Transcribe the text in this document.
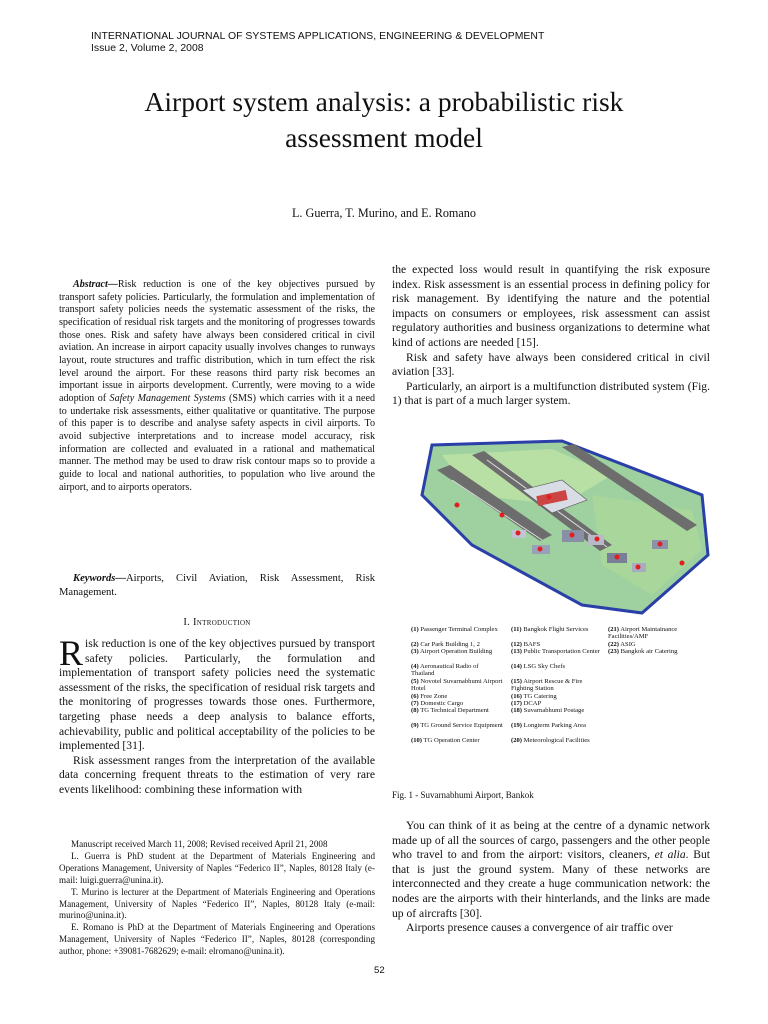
INTERNATIONAL JOURNAL OF SYSTEMS APPLICATIONS, ENGINEERING & DEVELOPMENT
Issue 2, Volume 2, 2008
Airport system analysis: a probabilistic risk
assessment model
L. Guerra, T. Murino, and E. Romano

Abstract—Risk reduction is one of the key objectives pursued by transport safety policies. Particularly, the formulation and implementation of transport safety policies needs the systematic assessment of the risks, the specification of residual risk targets and the monitoring of progresses towards those ones. Risk and safety have always been considered critical in civil aviation. An increase in airport capacity usually involves changes to runways layout, route structures and traffic distribution, which in turn effect the risk level around the airport. For these reasons third party risk becomes an important issue in airports development. Currently, were moving to a wide adoption of Safety Management Systems (SMS) which carries with it a need to undertake risk assessments, either qualitative or quantitative. The purpose of this paper is to describe and analyse safety aspects in civil airports. To avoid subjective interpretations and to increase model accuracy, risk information are collected and evaluated in a rational and mathematical manner. The method may be used to draw risk contour maps so to provide a guide to local and national authorities, to population who live around the airport, and to airports operators.

Keywords—Airports, Civil Aviation, Risk Assessment, Risk Management.

I. Introduction

Risk reduction is one of the key objectives pursued by transport safety policies. Particularly, the formulation and implementation of transport safety policies need the systematic assessment of the risks, the specification of residual risk targets and the monitoring of progresses towards those ones. Furthermore, targeting phase needs a deep analysis to balance efforts, achievability, public and political acceptability of the policies to be implemented [31].

Risk assessment ranges from the interpretation of the available data concerning frequent threats to the estimation of very rare events likelihood: combining these information with

Manuscript received March 11, 2008; Revised received April 21, 2008

L. Guerra is PhD student at the Department of Materials Engineering and Operations Management, University of Naples “Federico II”, Naples, 80128 Italy (e-mail: luigi.guerra@unina.it).

T. Murino is lecturer at the Department of Materials Engineering and Operations Management, University of Naples “Federico II”, Naples, 80128 Italy (e-mail: murino@unina.it).

E. Romano is PhD at the Department of Materials Engineering and Operations Management, University of Naples “Federico II”, Naples, 80128 (corresponding author, phone: +39081-7682629; e-mail: elromano@unina.it).

the expected loss would result in quantifying the risk exposure index. Risk assessment is an essential process in defining policy for risk management. By identifying the nature and the potential impacts on consumers or employees, risk assessment can assist regulatory authorities and business organizations to determine what kind of actions are needed [15].

Risk and safety have always been considered critical in civil aviation [33].

Particularly, an airport is a multifunction distributed system (Fig. 1) that is part of a much larger system.

(1) Passenger Terminal Complex
(2) Car Park Building 1, 2
(3) Airport Operation Building
(4) Aeronautical Radio of Thailand
(5) Novotel Suvarnabhumi Airport Hotel
(6) Free Zone
(7) Domestic Cargo
(8) TG Technical Department
(9) TG Ground Service Equipment
(10) TG Operation Center
(11) Bangkok Flight Services
(12) BAFS
(13) Public Transportation Center
(14) LSG Sky Chefs
(15) Airport Rescue & Fire Fighting Station
(16) TG Catering
(17) DCAP
(18) Suvarnabhumi Postage
(19) Longterm Parking Area
(20) Meteorological Facilities
(21) Airport Maintainance Facilities/AMF
(22) ASIG
(23) Bangkok air Catering
Fig. 1 - Suvarnabhumi Airport, Bankok

You can think of it as being at the centre of a dynamic network made up of all the sources of cargo, passengers and the other people who travel to and from the airport: visitors, cleaners, et alia. But that is just the ground system. Many of these networks are interconnected and they create a huge communication network: the nodes are the airports with their hinterlands, and the links are made up of aircrafts [30].

Airports presence causes a convergence of air traffic over

52
